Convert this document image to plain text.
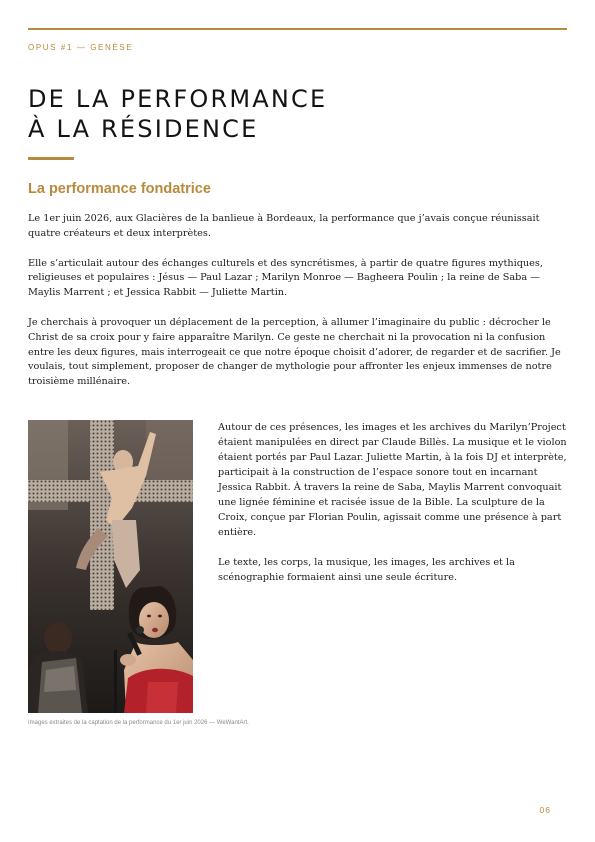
OPUS #1 — GENÈSE
DE LA PERFORMANCE
À LA RÉSIDENCE
La performance fondatrice

Le 1er juin 2026, aux Glacières de la banlieue à Bordeaux, la performance que j’avais conçue réunissait quatre créateurs et deux interprètes.

Elle s’articulait autour des échanges culturels et des syncrétismes, à partir de quatre figures mythiques, religieuses et populaires : Jésus — Paul Lazar ; Marilyn Monroe — Bagheera Poulin ; la reine de Saba — Maylis Marrent ; et Jessica Rabbit — Juliette Martin.

Je cherchais à provoquer un déplacement de la perception, à allumer l’imaginaire du public : décrocher le Christ de sa croix pour y faire apparaître Marilyn. Ce geste ne cherchait ni la provocation ni la confusion entre les deux figures, mais interrogeait ce que notre époque choisit d’adorer, de regarder et de sacrifier. Je voulais, tout simplement, proposer de changer de mythologie pour affronter les enjeux immenses de notre troisième millénaire.

Images extraites de la captation de la performance du 1er juin 2026 — WeWantArt.

Autour de ces présences, les images et les archives du Marilyn’Project étaient manipulées en direct par Claude Billès. La musique et le violon étaient portés par Paul Lazar. Juliette Martin, à la fois DJ et interprète, participait à la construction de l’espace sonore tout en incarnant Jessica Rabbit. À travers la reine de Saba, Maylis Marrent convoquait une lignée féminine et racisée issue de la Bible. La sculpture de la Croix, conçue par Florian Poulin, agissait comme une présence à part entière.

Le texte, les corps, la musique, les images, les archives et la scénographie formaient ainsi une seule écriture.

06
